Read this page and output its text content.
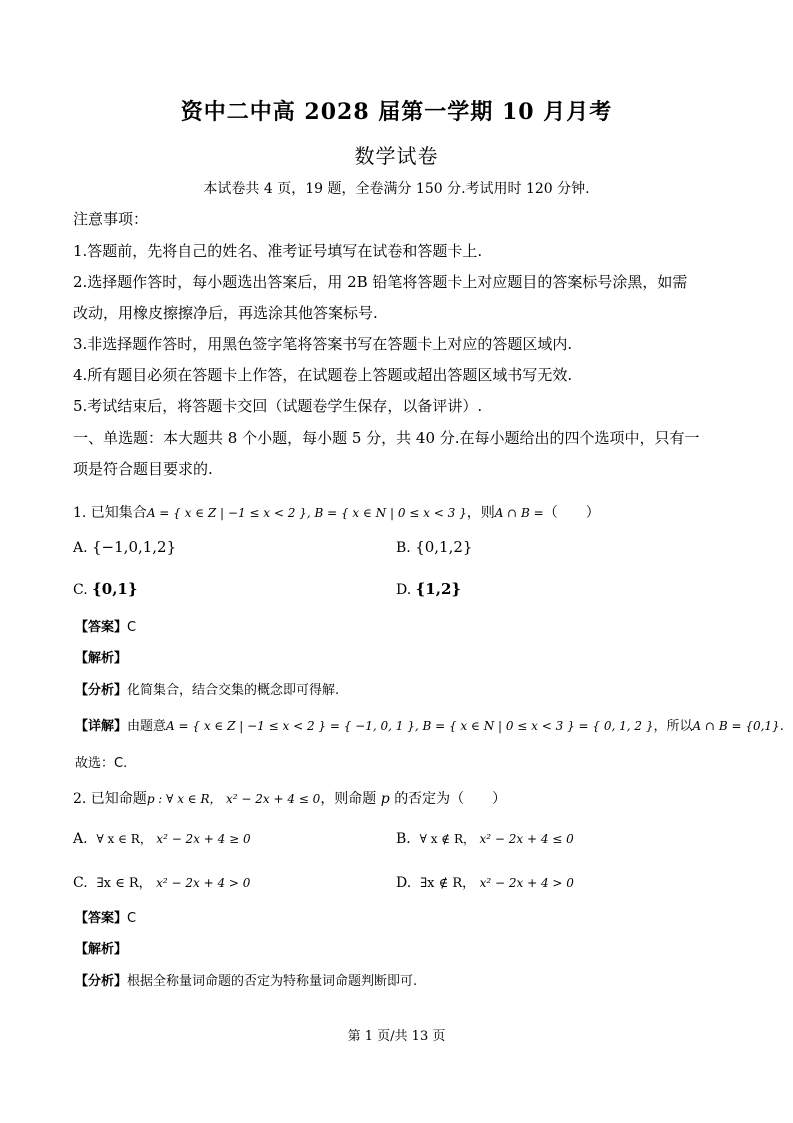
资中二中高 2028 届第一学期 10 月月考
数学试卷
本试卷共 4 页，19 题，全卷满分 150 分.考试用时 120 分钟.
注意事项：
1.答题前，先将自己的姓名、准考证号填写在试卷和答题卡上.
2.选择题作答时，每小题选出答案后，用 2B 铅笔将答题卡上对应题目的答案标号涂黑，如需
改动，用橡皮擦擦净后，再选涂其他答案标号.
3.非选择题作答时，用黑色签字笔将答案书写在答题卡上对应的答题区域内.
4.所有题目必须在答题卡上作答，在试题卷上答题或超出答题区域书写无效.
5.考试结束后，将答题卡交回（试题卷学生保存，以备评讲）.
一、单选题：本大题共 8 个小题，每小题 5 分，共 40 分.在每小题给出的四个选项中，只有一
项是符合题目要求的.
1. 已知集合A = { x ∈ Z | −1 ≤ x < 2 }, B = { x ∈ N | 0 ≤ x < 3 }，则A ∩ B =（　　）
A. {−1,0,1,2}	B. {0,1,2}
C. {0,1}	D. {1,2}
【答案】C
【解析】
【分析】化简集合，结合交集的概念即可得解.
【详解】由题意A = { x ∈ Z | −1 ≤ x < 2 } = { −1, 0, 1 }, B = { x ∈ N | 0 ≤ x < 3 } = { 0, 1, 2 }，所以A ∩ B = {0,1}.
故选：C.
2. 已知命题p : ∀ x ∈ R， x² − 2x + 4 ≤ 0，则命题 p 的否定为（　　）
A. ∀ x ∈ R， x² − 2x + 4 ≥ 0	B. ∀ x ∉ R， x² − 2x + 4 ≤ 0
C. ∃x ∈ R， x² − 2x + 4 > 0	D. ∃x ∉ R， x² − 2x + 4 > 0
【答案】C
【解析】
【分析】根据全称量词命题的否定为特称量词命题判断即可.
第 1 页/共 13 页
